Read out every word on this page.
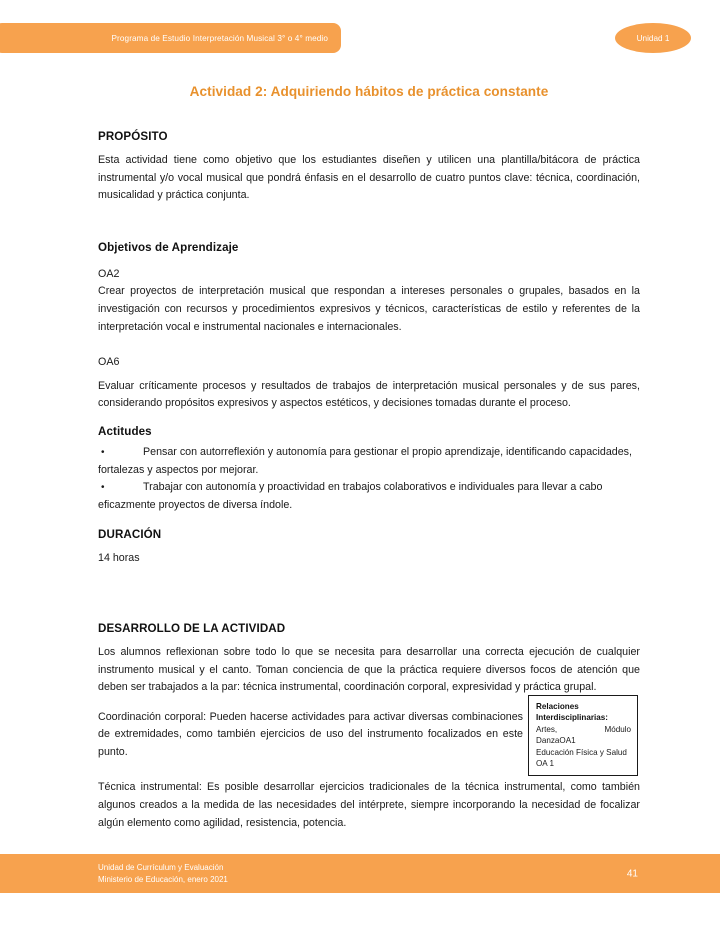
Programa de Estudio Interpretación Musical 3° o 4° medio	Unidad 1
Actividad 2: Adquiriendo hábitos de práctica constante
PROPÓSITO

Esta actividad tiene como objetivo que los estudiantes diseñen y utilicen una plantilla/bitácora de práctica instrumental y/o vocal musical que pondrá énfasis en el desarrollo de cuatro puntos clave: técnica, coordinación, musicalidad y práctica conjunta.

Objetivos de Aprendizaje

OA2

Crear proyectos de interpretación musical que respondan a intereses personales o grupales, basados en la investigación con recursos y procedimientos expresivos y técnicos, características de estilo y referentes de la interpretación vocal e instrumental nacionales e internacionales.

OA6

Evaluar críticamente procesos y resultados de trabajos de interpretación musical personales y de sus pares, considerando propósitos expresivos y aspectos estéticos, y decisiones tomadas durante el proceso.

Actitudes
•	Pensar con autorreflexión y autonomía para gestionar el propio aprendizaje, identificando capacidades, fortalezas y aspectos por mejorar.
•	Trabajar con autonomía y proactividad en trabajos colaborativos e individuales para llevar a cabo eficazmente proyectos de diversa índole.
DURACIÓN

14 horas

DESARROLLO DE LA ACTIVIDAD
Relaciones
Interdisciplinarias:
Artes,	Módulo
DanzaOA1
Educación Física y Salud
OA 1

Los alumnos reflexionan sobre todo lo que se necesita para desarrollar una correcta ejecución de cualquier instrumento musical y el canto. Toman conciencia de que la práctica requiere diversos focos de atención que deben ser trabajados a la par: técnica instrumental, coordinación corporal, expresividad y práctica grupal.

Coordinación corporal: Pueden hacerse actividades para activar diversas combinaciones de extremidades, como también ejercicios de uso del instrumento focalizados en este punto.

Técnica instrumental: Es posible desarrollar ejercicios tradicionales de la técnica instrumental, como también algunos creados a la medida de las necesidades del intérprete, siempre incorporando la necesidad de focalizar algún elemento como agilidad, resistencia, potencia.

Unidad de Currículum y Evaluación
Ministerio de Educación, enero 2021	41
